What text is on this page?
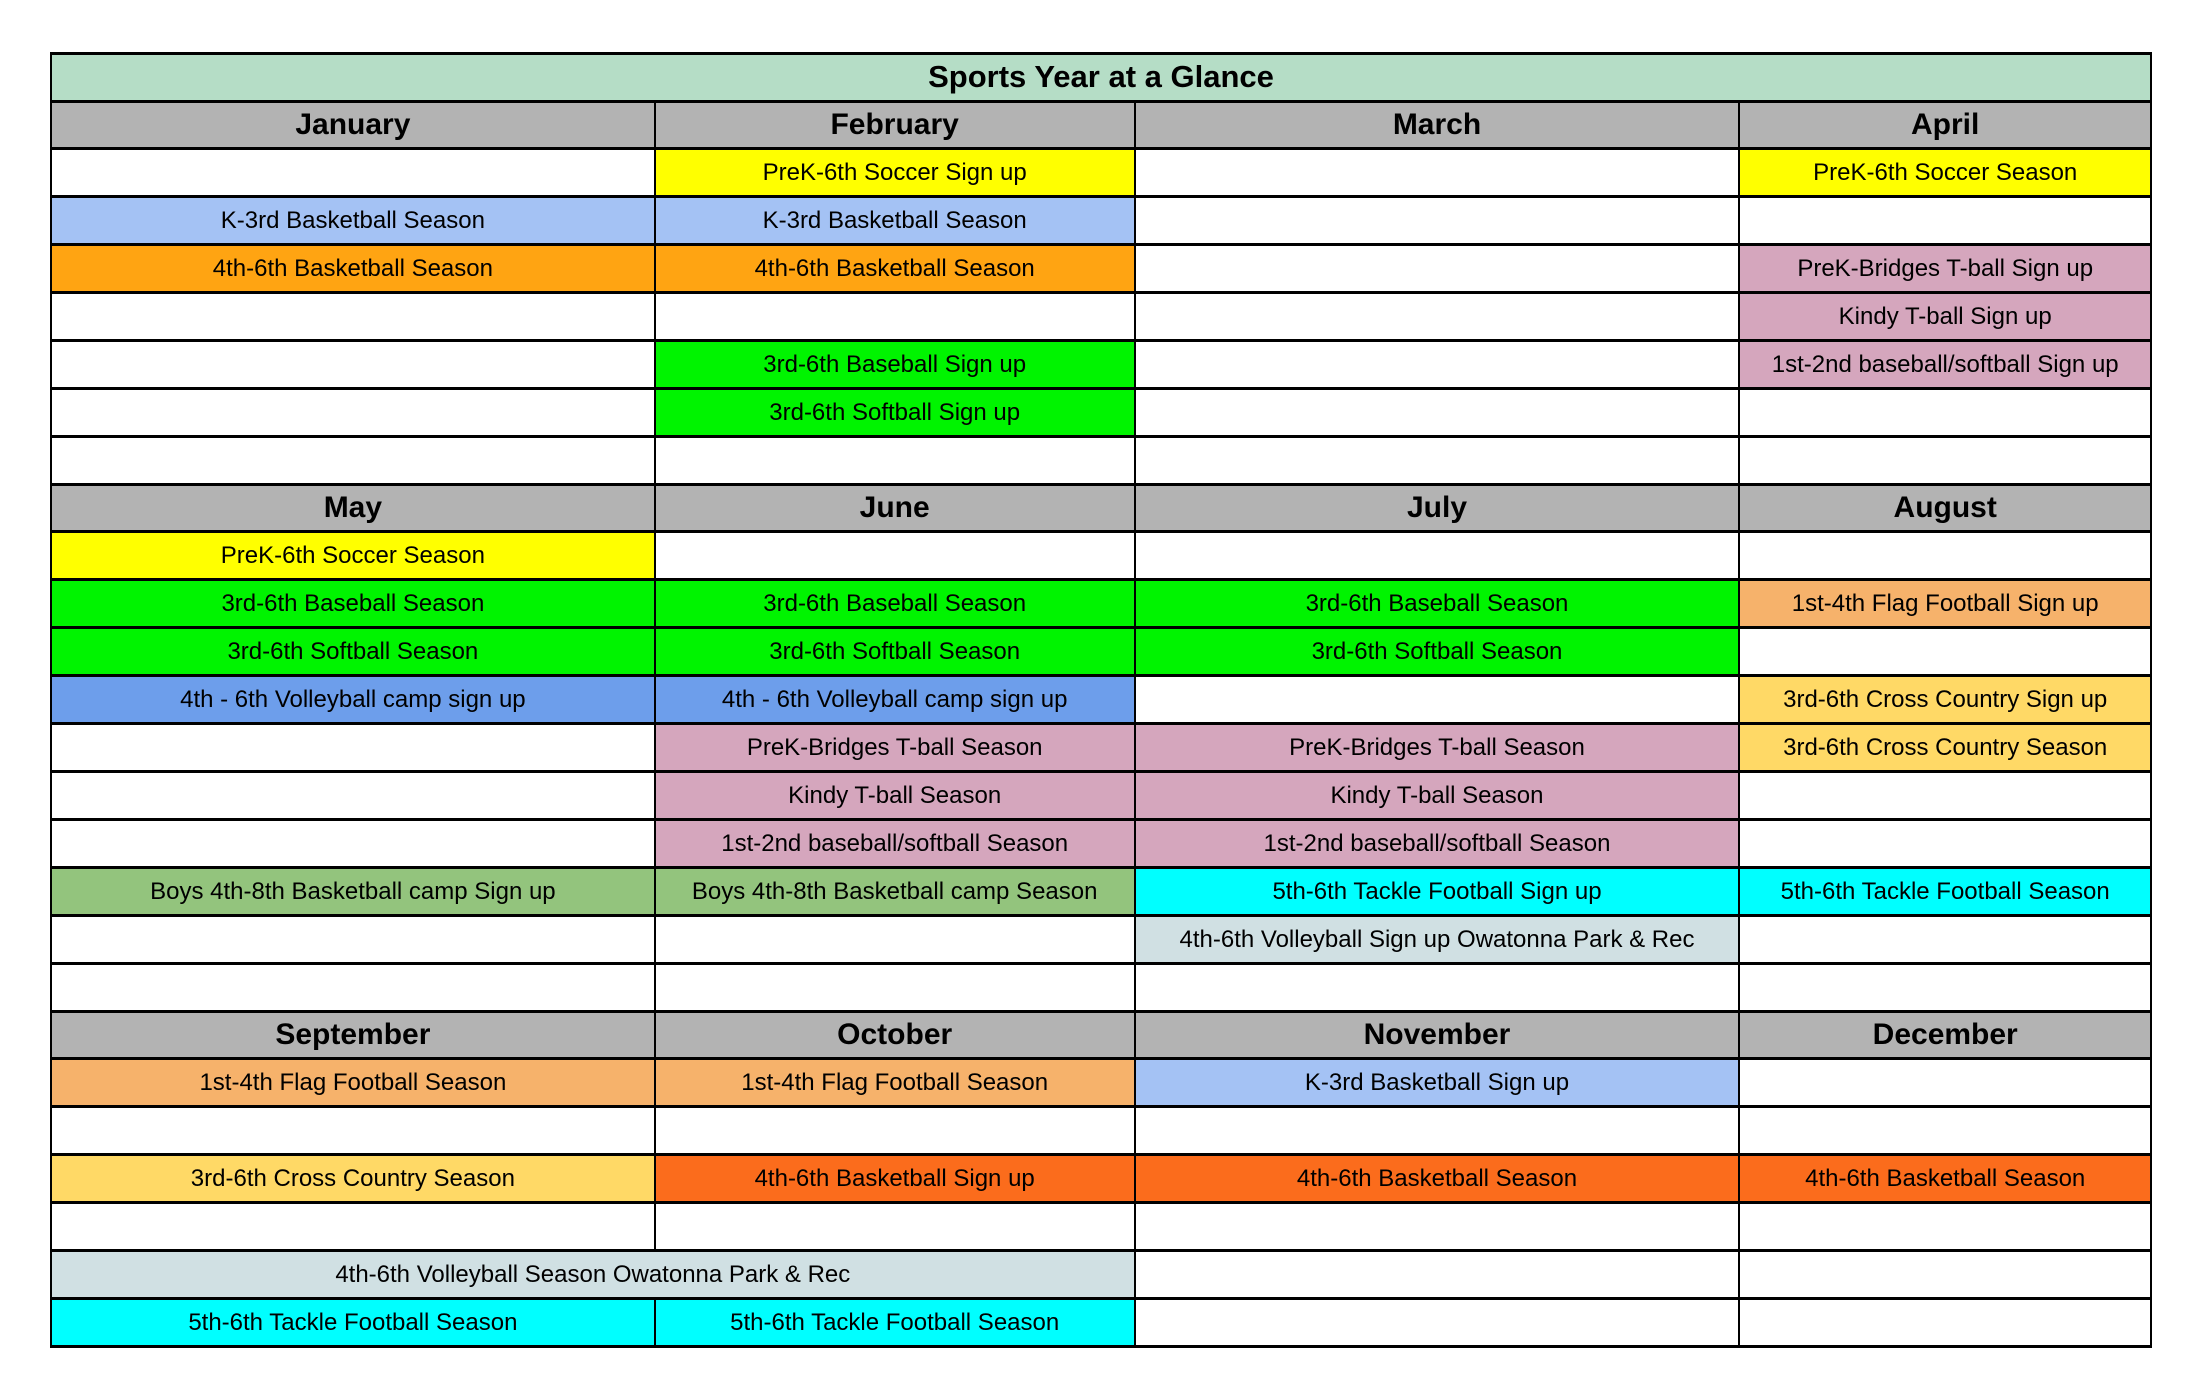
Sports Year at a Glance			
January	February	March	April
	PreK-6th Soccer Sign up		PreK-6th Soccer Season
K-3rd Basketball Season	K-3rd Basketball Season		
4th-6th Basketball Season	4th-6th Basketball Season		PreK-Bridges T-ball Sign up
			Kindy T-ball Sign up
	3rd-6th Baseball Sign up		1st-2nd baseball/softball Sign up
	3rd-6th Softball Sign up		

May	June	July	August
PreK-6th Soccer Season			
3rd-6th Baseball Season	3rd-6th Baseball Season	3rd-6th Baseball Season	1st-4th Flag Football Sign up
3rd-6th Softball Season	3rd-6th Softball Season	3rd-6th Softball Season	
4th - 6th Volleyball camp sign up	4th - 6th Volleyball camp sign up		3rd-6th Cross Country Sign up
	PreK-Bridges T-ball Season	PreK-Bridges T-ball Season	3rd-6th Cross Country Season
	Kindy T-ball Season	Kindy T-ball Season	
	1st-2nd baseball/softball Season	1st-2nd baseball/softball Season	
Boys 4th-8th Basketball camp Sign up	Boys 4th-8th Basketball camp Season	5th-6th Tackle Football Sign up	5th-6th Tackle Football Season
		4th-6th Volleyball Sign up Owatonna Park & Rec	

September	October	November	December
1st-4th Flag Football Season	1st-4th Flag Football Season	K-3rd Basketball Sign up	

3rd-6th Cross Country Season	4th-6th Basketball Sign up	4th-6th Basketball Season	4th-6th Basketball Season

4th-6th Volleyball Season Owatonna Park & Rec			
5th-6th Tackle Football Season	5th-6th Tackle Football Season		
